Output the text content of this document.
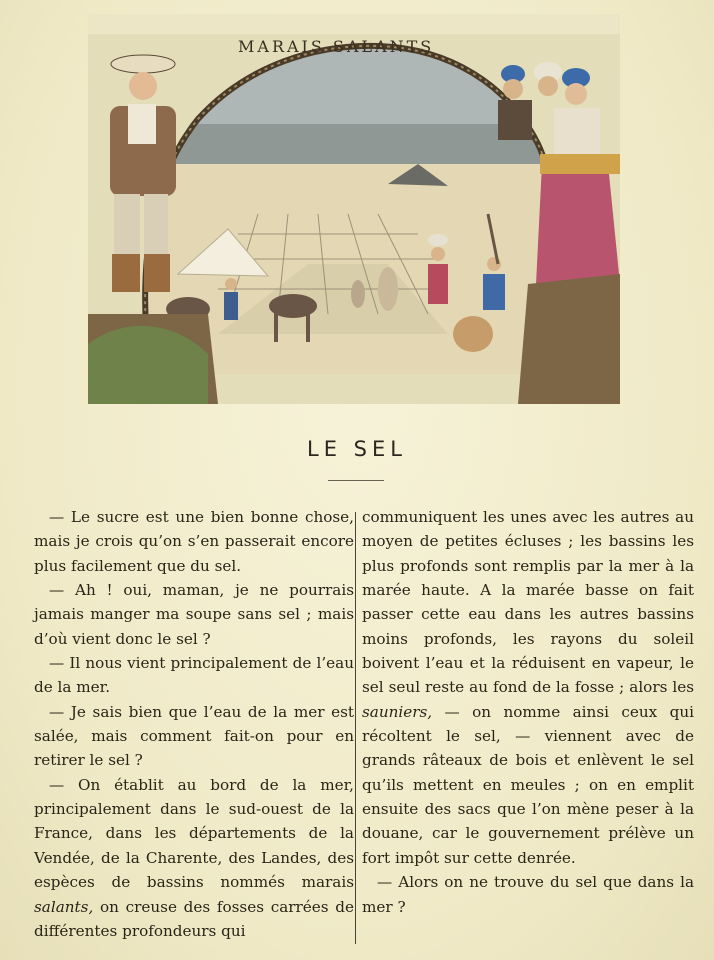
MARAIS SALANTS
·
LE SEL

— Le sucre est une bien bonne chose, mais je crois qu’on s’en passerait encore plus facilement que du sel.

— Ah ! oui, maman, je ne pourrais jamais manger ma soupe sans sel ; mais d’où vient donc le sel ?

— Il nous vient principalement de l’eau de la mer.

— Je sais bien que l’eau de la mer est salée, mais comment fait-on pour en retirer le sel ?

— On établit au bord de la mer, principalement dans le sud-ouest de la France, dans les départements de la Vendée, de la Charente, des Landes, des espèces de bassins nommés marais salants, on creuse des fosses carrées de différentes profondeurs qui

communiquent les unes avec les autres au moyen de petites écluses ; les bassins les plus profonds sont remplis par la mer à la marée haute. A la marée basse on fait passer cette eau dans les autres bassins moins profonds, les rayons du soleil boivent l’eau et la réduisent en vapeur, le sel seul reste au fond de la fosse ; alors les sauniers, — on nomme ainsi ceux qui récoltent le sel, — viennent avec de grands râteaux de bois et enlèvent le sel qu’ils mettent en meules ; on en emplit ensuite des sacs que l’on mène peser à la douane, car le gouvernement prélève un fort impôt sur cette denrée.

— Alors on ne trouve du sel que dans la mer ?
